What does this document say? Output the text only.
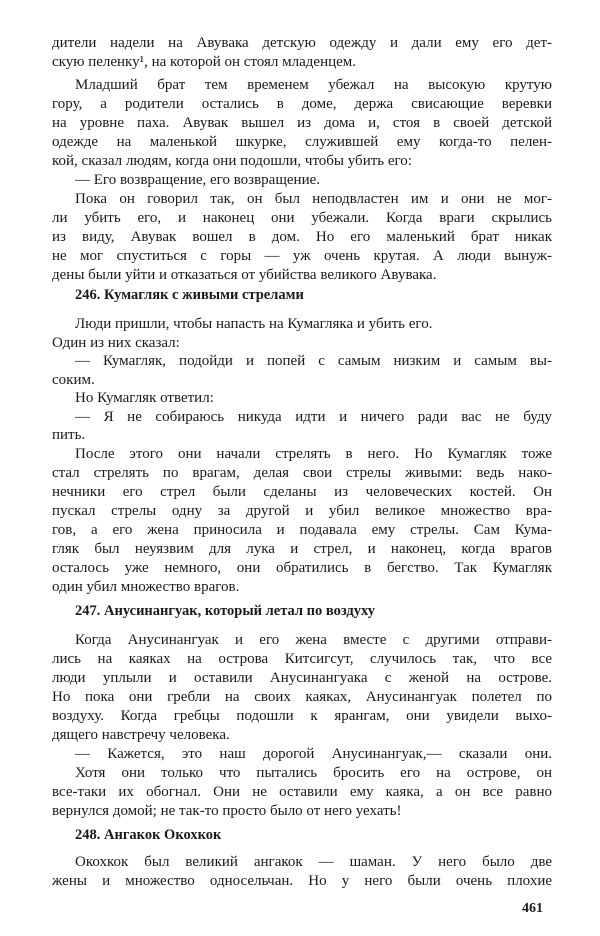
дители надели на Авувака детскую одежду и дали ему его дет-
скую пеленку¹, на которой он стоял младенцем.
Младший брат тем временем убежал на высокую крутую
гору, а родители остались в доме, держа свисающие веревки
на уровне паха. Авувак вышел из дома и, стоя в своей детской
одежде на маленькой шкурке, служившей ему когда-то пелен-
кой, сказал людям, когда они подошли, чтобы убить его:
— Его возвращение, его возвращение.
Пока он говорил так, он был неподвластен им и они не мог-
ли убить его, и наконец они убежали. Когда враги скрылись
из виду, Авувак вошел в дом. Но его маленький брат никак
не мог спуститься с горы — уж очень крутая. А люди вынуж-
дены были уйти и отказаться от убийства великого Авувака.
246. Кумагляк с живыми стрелами
Люди пришли, чтобы напасть на Кумагляка и убить его.
Один из них сказал:
— Кумагляк, подойди и попей с самым низким и самым вы-
соким.
Но Кумагляк ответил:
— Я не собираюсь никуда идти и ничего ради вас не буду
пить.
После этого они начали стрелять в него. Но Кумагляк тоже
стал стрелять по врагам, делая свои стрелы живыми: ведь нако-
нечники его стрел были сделаны из человеческих костей. Он
пускал стрелы одну за другой и убил великое множество вра-
гов, а его жена приносила и подавала ему стрелы. Сам Кума-
гляк был неуязвим для лука и стрел, и наконец, когда врагов
осталось уже немного, они обратились в бегство. Так Кумагляк
один убил множество врагов.
247. Анусинангуак, который летал по воздуху
Когда Анусинангуак и его жена вместе с другими отправи-
лись на каяках на острова Китсигсут, случилось так, что все
люди уплыли и оставили Анусинангуака с женой на острове.
Но пока они гребли на своих каяках, Анусинангуак полетел по
воздуху. Когда гребцы подошли к ярангам, они увидели выхо-
дящего навстречу человека.
— Кажется, это наш дорогой Анусинангуак,— сказали они.
Хотя они только что пытались бросить его на острове, он
все-таки их обогнал. Они не оставили ему каяка, а он все равно
вернулся домой; не так-то просто было от него уехать!
248. Ангакок Окохкок
Окохкок был великий ангакок — шаман. У него было две
жены и множество односельчан. Но у него были очень плохие
461
